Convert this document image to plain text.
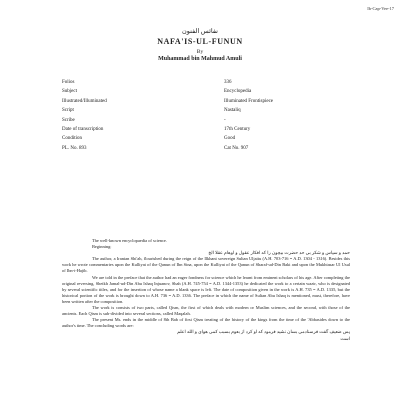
Ib-Cap-Vee-17
نفائس الفنون
NAFA'IS-UL-FUNUN
By
Muhammad bin Mahmud Amuli
Folios	336
Subject	Encyclopedia
Illustrated/Illuminated	Illuminated Frontispiece
Script	Nastaliq
Scribe	-
Date of transcription	17th Century
Condition	Good
PL. No. 893	Cat No. 907

The well-known encyclopaedia of science.

Beginning:

حمد و سپاس و شکر بی حد حضرت بیچون را که افکار عقول و اوهام عقلا الخ

The author, a Iranian Shi'ah, flourished during the reign of the Ilkhani sovereign Sultan Uljaitu (A.H. 703-716 = A.D. 1304 - 1316). Besides this work he wrote commentaries upon the Kulliyat of the Qanun of Ibn Sina, upon the Kulliyat of the Qanun of Sharaf-ud-Din Baki and upon the Mukhtasar Ul Usul of Ibn-i-Hajib.

We are told in the preface that the author had an eager fondness for science which he learnt from eminent scholars of his age. After completing the original reversing, Sheikh Jamal-ud-Din Abu Ishaq Injuanov, Shah (A.H. 745-754 = A.D. 1344-1353) he dedicated the work to a certain wazir, who is designated by several scientific titles, and for the insertion of whose name a blank space is left. The date of composition given in the work is A.H. 735 = A.D. 1335, but the historical portion of the work is brought down to A.H. 736 = A.D. 1336. The preface in which the name of Sultan Abu Ishaq is mentioned, must, therefore, have been written after the composition.

The work is consists of two parts, called Qism, the first of which deals with modern or Muslim sciences, and the second, with those of the ancients. Each Qism is sub-divided into several sections, called Maqalah.

The present Ms. ends in the middle of 8th Bab of first Qism treating of the history of the kings from the time of the 'Abbasides down to the author's time. The concluding words are:

پس ضعیف گفت فرسنادمی بسان نشید فرمود که او کرد از بعوم بسبب کمی هوای و الله اعلم

است
